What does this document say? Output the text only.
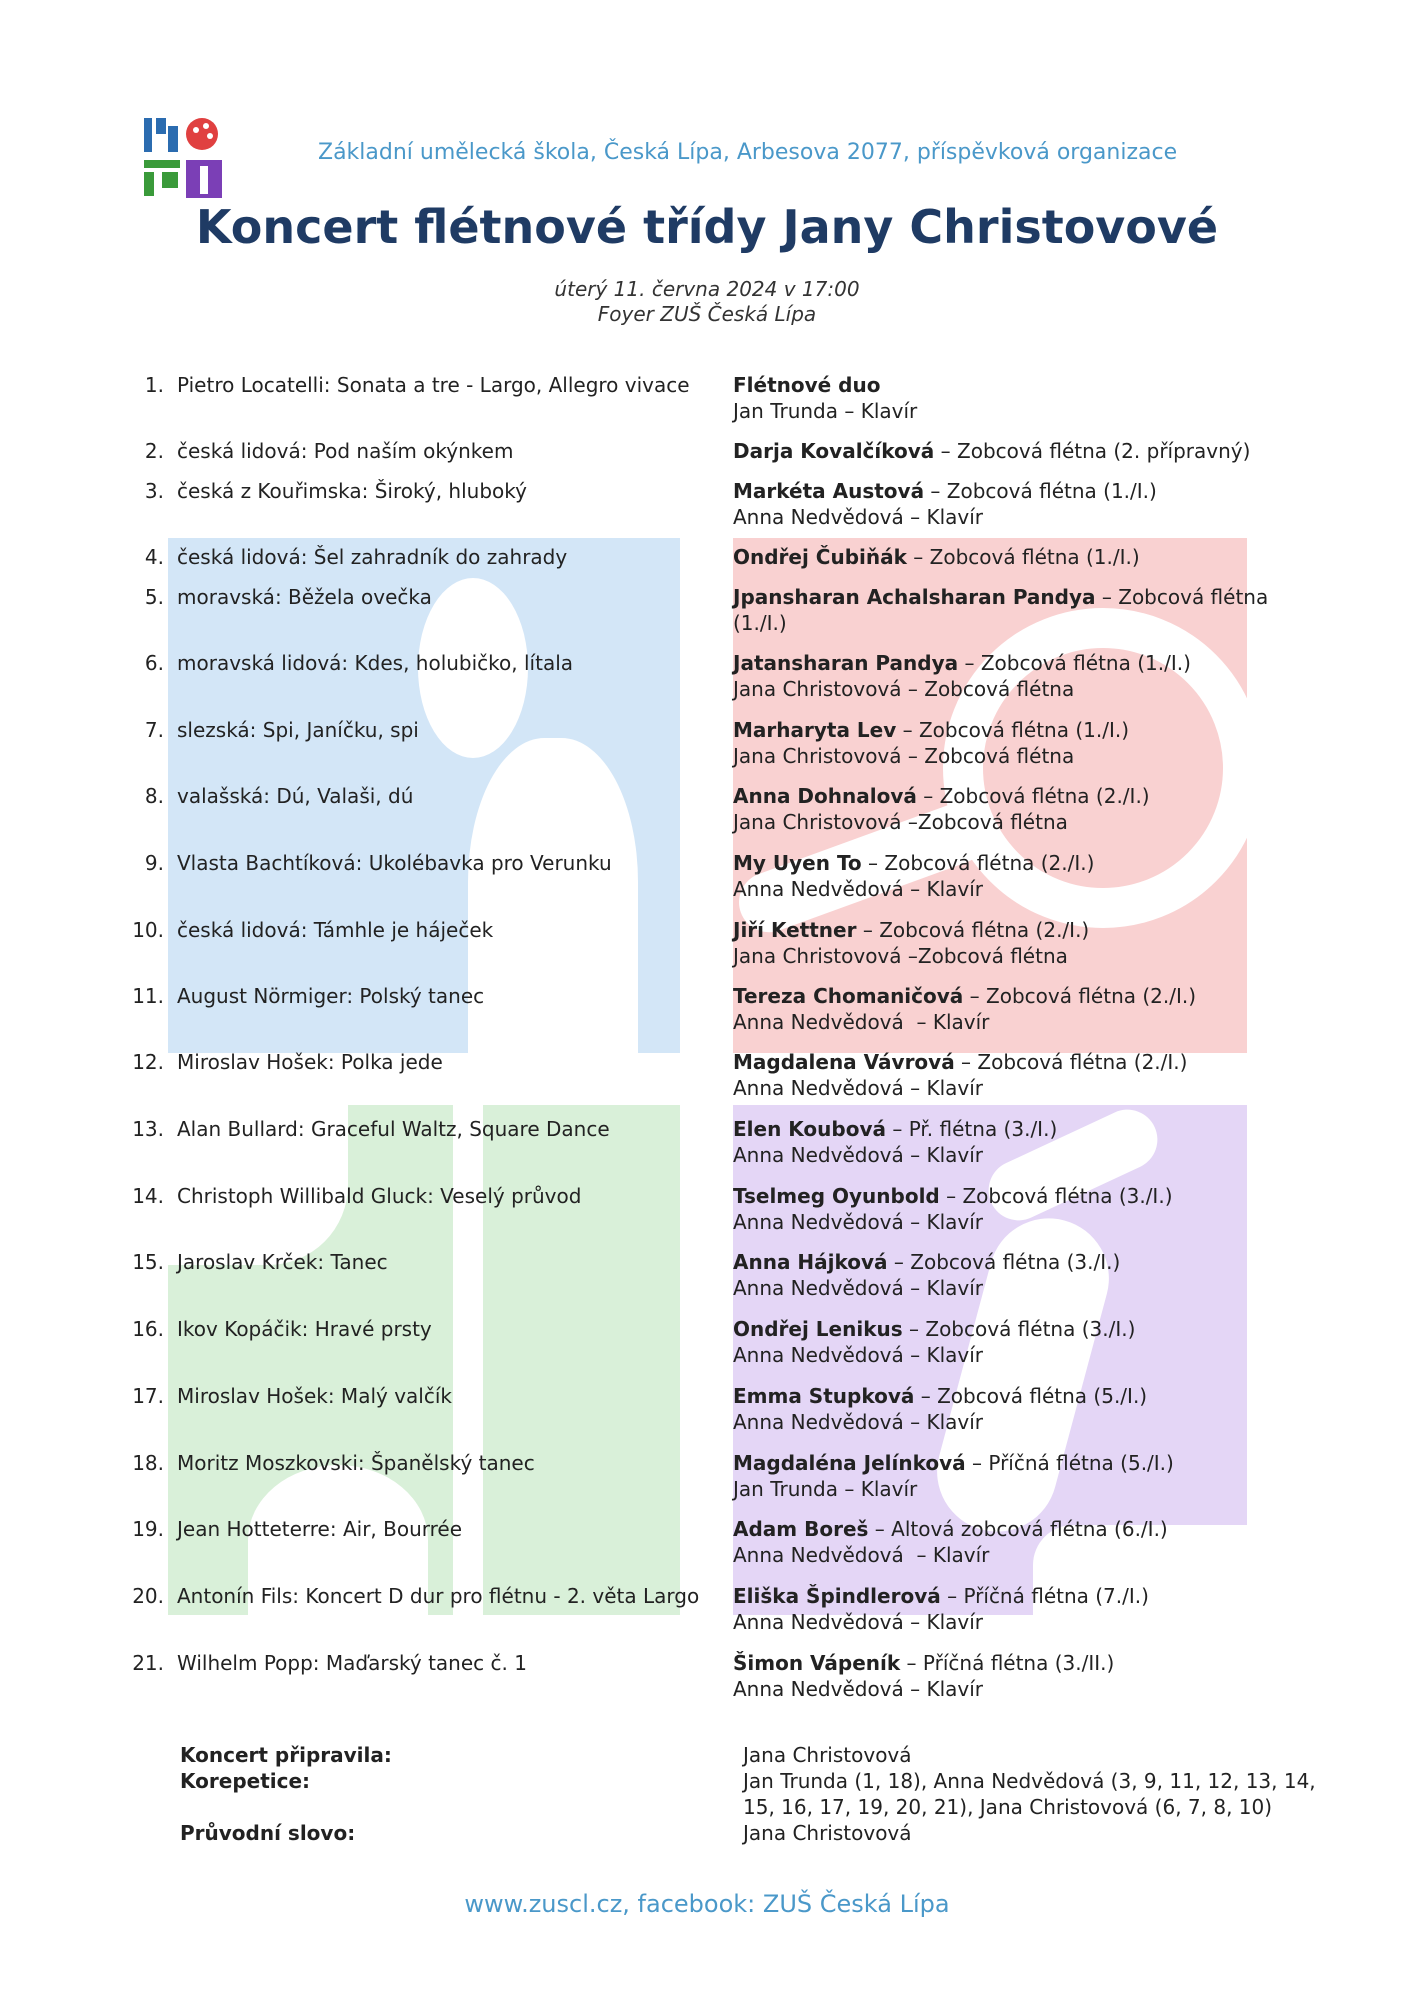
Základní umělecká škola, Česká Lípa, Arbesova 2077, příspěvková organizace
Koncert flétnové třídy Jany Christovové
úterý 11. června 2024 v 17:00
Foyer ZUŠ Česká Lípa
1. Pietro Locatelli: Sonata a tre - Largo, Allegro vivace	Flétnové duo
Jan Trunda – Klavír
2. česká lidová: Pod naším okýnkem	Darja Kovalčíková – Zobcová flétna (2. přípravný)
3. česká z Kouřimska: Široký, hluboký	Markéta Austová – Zobcová flétna (1./I.)
Anna Nedvědová – Klavír
4. česká lidová: Šel zahradník do zahrady	Ondřej Čubiňák – Zobcová flétna (1./I.)
5. moravská: Běžela ovečka	Jpansharan Achalsharan Pandya – Zobcová flétna (1./I.)
6. moravská lidová: Kdes, holubičko, lítala	Jatansharan Pandya – Zobcová flétna (1./I.)
Jana Christovová – Zobcová flétna
7. slezská: Spi, Janíčku, spi	Marharyta Lev – Zobcová flétna (1./I.)
Jana Christovová – Zobcová flétna
8. valašská: Dú, Valaši, dú	Anna Dohnalová – Zobcová flétna (2./I.)
Jana Christovová –Zobcová flétna
9. Vlasta Bachtíková: Ukolébavka pro Verunku	My Uyen To – Zobcová flétna (2./I.)
Anna Nedvědová – Klavír
10. česká lidová: Támhle je háječek	Jiří Kettner – Zobcová flétna (2./I.)
Jana Christovová –Zobcová flétna
11. August Nörmiger: Polský tanec	Tereza Chomaničová – Zobcová flétna (2./I.)
Anna Nedvědová  – Klavír
12. Miroslav Hošek: Polka jede	Magdalena Vávrová – Zobcová flétna (2./I.)
Anna Nedvědová – Klavír
13. Alan Bullard: Graceful Waltz, Square Dance	Elen Koubová – Př. flétna (3./I.)
Anna Nedvědová – Klavír
14. Christoph Willibald Gluck: Veselý průvod	Tselmeg Oyunbold – Zobcová flétna (3./I.)
Anna Nedvědová – Klavír
15. Jaroslav Krček: Tanec	Anna Hájková – Zobcová flétna (3./I.)
Anna Nedvědová – Klavír
16. Ikov Kopáčik: Hravé prsty	Ondřej Lenikus – Zobcová flétna (3./I.)
Anna Nedvědová – Klavír
17. Miroslav Hošek: Malý valčík	Emma Stupková – Zobcová flétna (5./I.)
Anna Nedvědová – Klavír
18. Moritz Moszkovski: Španělský tanec	Magdaléna Jelínková – Příčná flétna (5./I.)
Jan Trunda – Klavír
19. Jean Hotteterre: Air, Bourrée	Adam Boreš – Altová zobcová flétna (6./I.)
Anna Nedvědová  – Klavír
20. Antonín Fils: Koncert D dur pro flétnu - 2. věta Largo	Eliška Špindlerová – Příčná flétna (7./I.)
Anna Nedvědová – Klavír
21. Wilhelm Popp: Maďarský tanec č. 1	Šimon Vápeník – Příčná flétna (3./II.)
Anna Nedvědová – Klavír
Koncert připravila:	Jana Christovová
Korepetice:	Jan Trunda (1, 18), Anna Nedvědová (3, 9, 11, 12, 13, 14, 15, 16, 17, 19, 20, 21), Jana Christovová (6, 7, 8, 10)
Průvodní slovo:	Jana Christovová
www.zuscl.cz, facebook: ZUŠ Česká Lípa
